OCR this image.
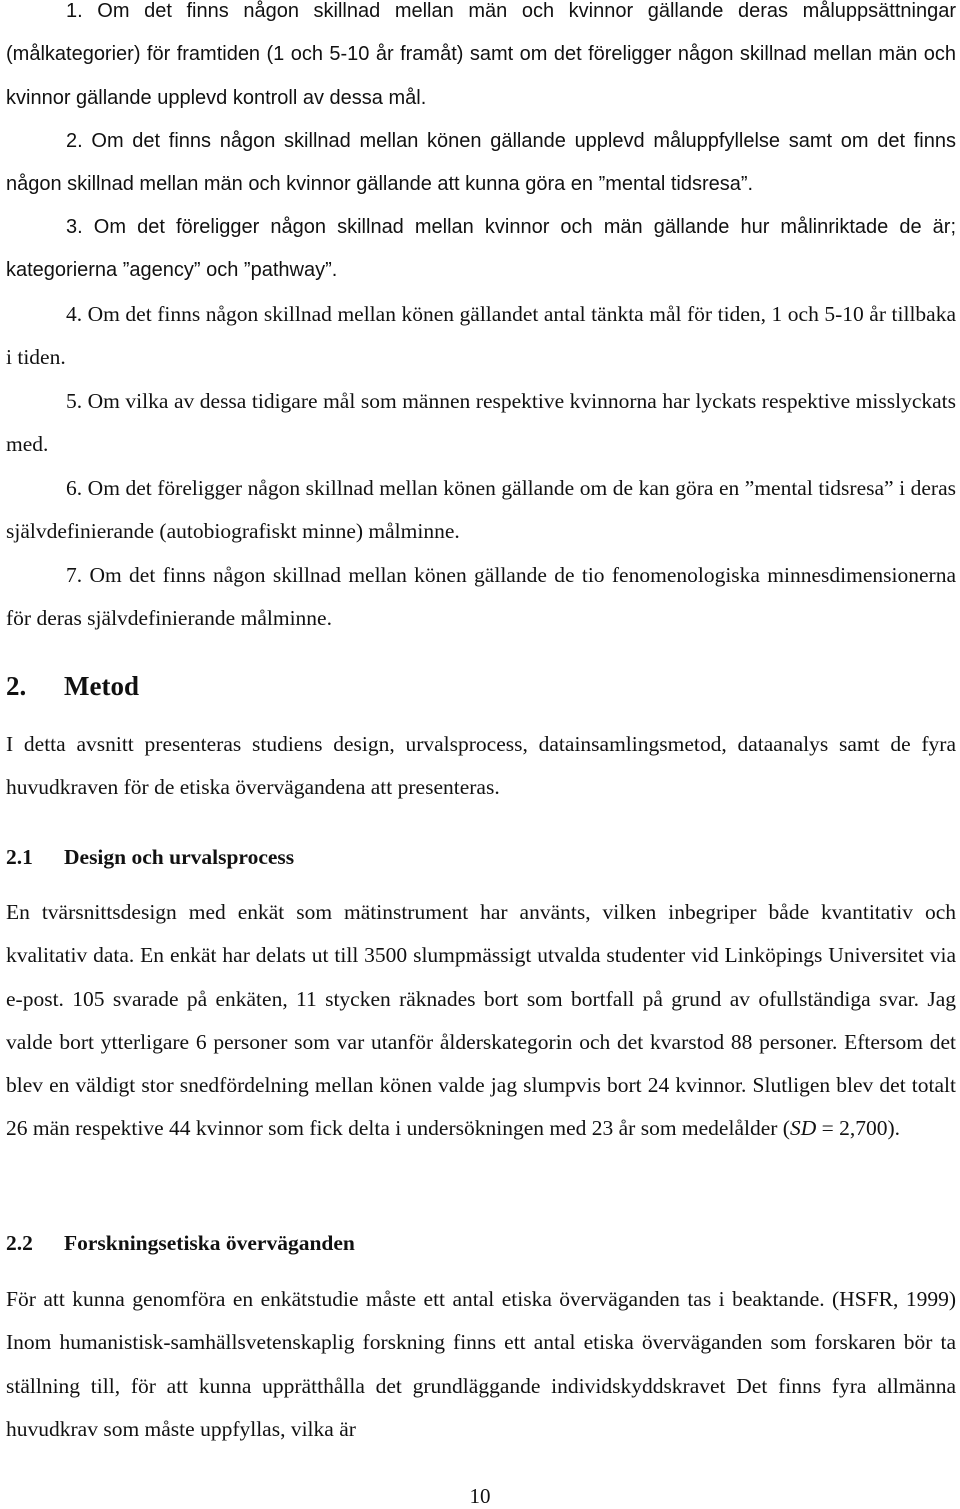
1. Om det finns någon skillnad mellan män och kvinnor gällande deras måluppsättningar (målkategorier) för framtiden (1 och 5-10 år framåt) samt om det föreligger någon skillnad mellan män och kvinnor gällande upplevd kontroll av dessa mål.

2. Om det finns någon skillnad mellan könen gällande upplevd måluppfyllelse samt om det finns någon skillnad mellan män och kvinnor gällande att kunna göra en ”mental tidsresa”.

3. Om det föreligger någon skillnad mellan kvinnor och män gällande hur målinriktade de är; kategorierna ”agency” och ”pathway”.

4. Om det finns någon skillnad mellan könen gällandet antal tänkta mål för tiden, 1 och 5-10 år tillbaka i tiden.

5. Om vilka av dessa tidigare mål som männen respektive kvinnorna har lyckats respektive misslyckats med.

6. Om det föreligger någon skillnad mellan könen gällande om de kan göra en ”mental tidsresa” i deras självdefinierande (autobiografiskt minne) målminne.

7. Om det finns någon skillnad mellan könen gällande de tio fenomenologiska minnesdimensionerna för deras självdefinierande målminne.

2. Metod

I detta avsnitt presenteras studiens design, urvalsprocess, datainsamlingsmetod, dataanalys samt de fyra huvudkraven för de etiska övervägandena att presenteras.

2.1 Design och urvalsprocess

En tvärsnittsdesign med enkät som mätinstrument har använts, vilken inbegriper både kvantitativ och kvalitativ data. En enkät har delats ut till 3500 slumpmässigt utvalda studenter vid Linköpings Universitet via e-post. 105 svarade på enkäten, 11 stycken räknades bort som bortfall på grund av ofullständiga svar. Jag valde bort ytterligare 6 personer som var utanför ålderskategorin och det kvarstod 88 personer. Eftersom det blev en väldigt stor snedfördelning mellan könen valde jag slumpvis bort 24 kvinnor. Slutligen blev det totalt 26 män respektive 44 kvinnor som fick delta i undersökningen med 23 år som medelålder (SD = 2,700).

2.2 Forskningsetiska överväganden

För att kunna genomföra en enkätstudie måste ett antal etiska överväganden tas i beaktande. (HSFR, 1999) Inom humanistisk-samhällsvetenskaplig forskning finns ett antal etiska överväganden som forskaren bör ta ställning till, för att kunna upprätthålla det grundläggande individskyddskravet Det finns fyra allmänna huvudkrav som måste uppfyllas, vilka är

10
